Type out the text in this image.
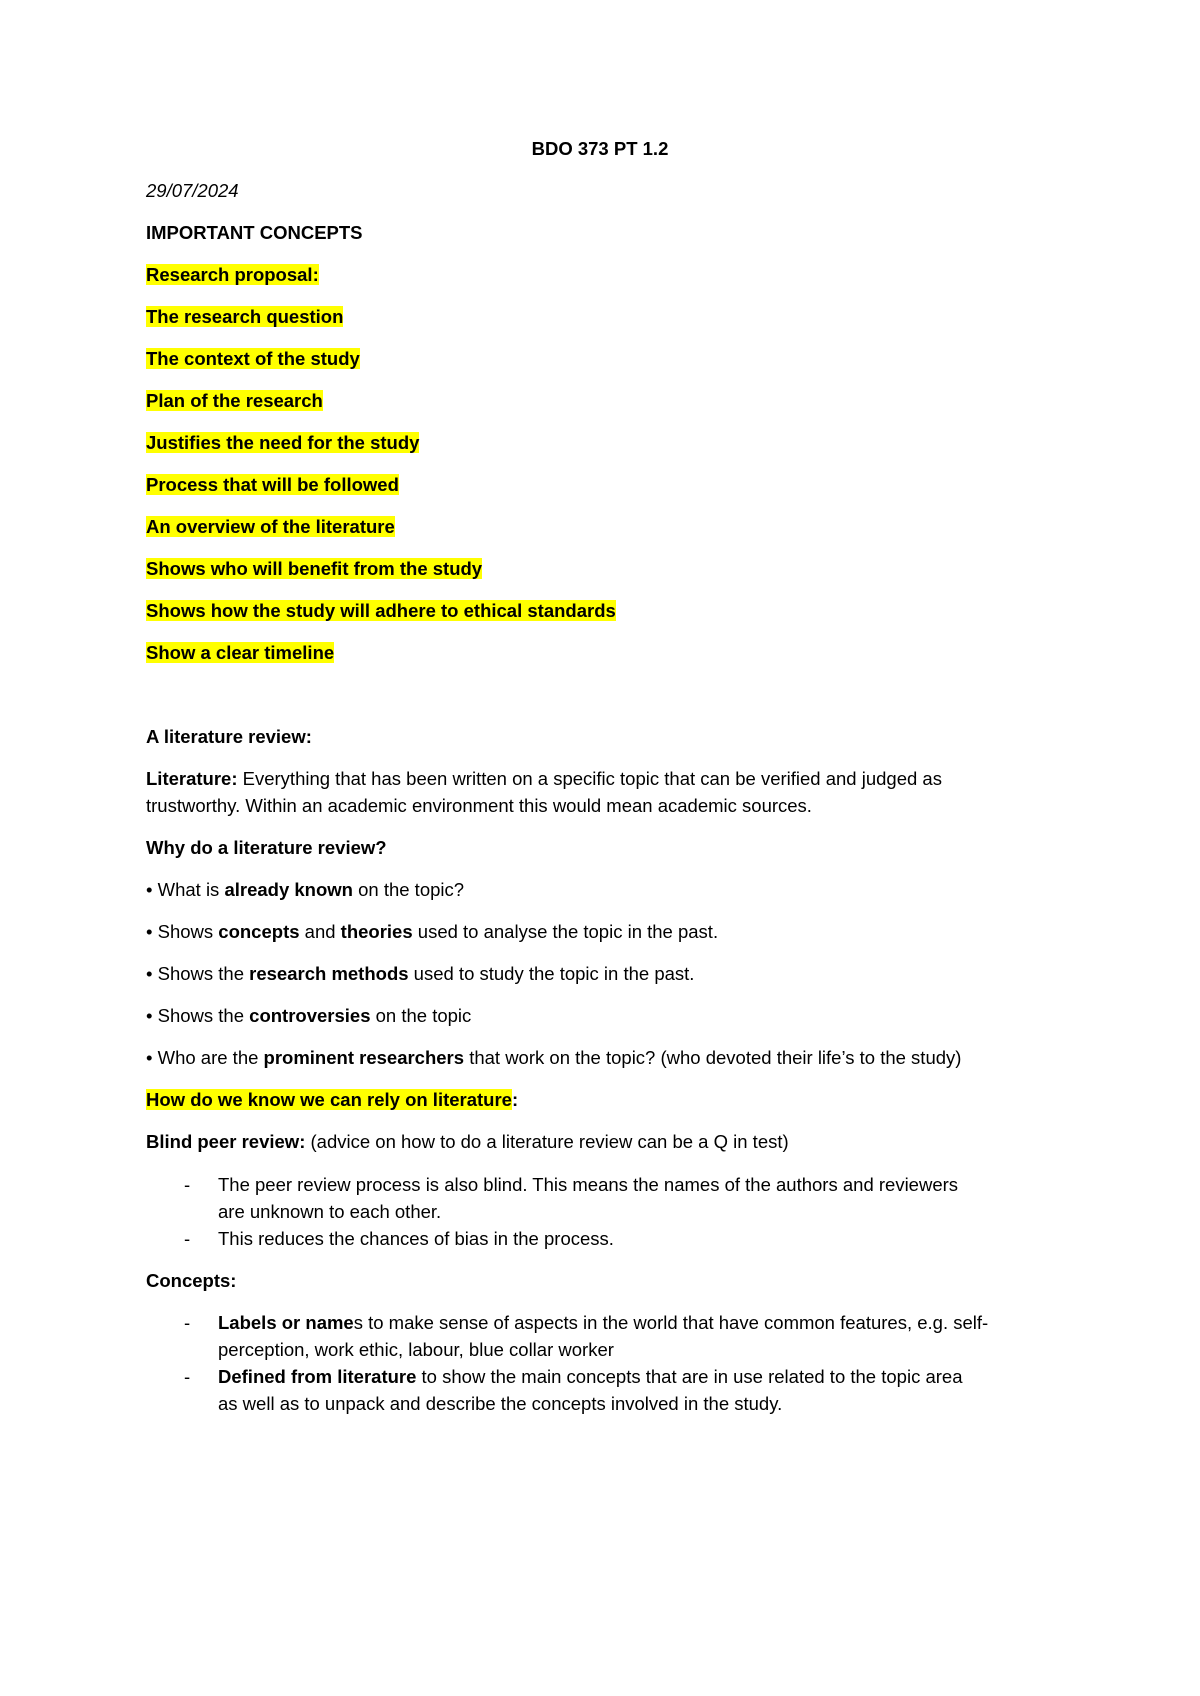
BDO 373 PT 1.2
29/07/2024
IMPORTANT CONCEPTS
Research proposal:
The research question
The context of the study
Plan of the research
Justifies the need for the study
Process that will be followed
An overview of the literature
Shows who will benefit from the study
Shows how the study will adhere to ethical standards
Show a clear timeline
A literature review:
Literature: Everything that has been written on a specific topic that can be verified and judged as
trustworthy. Within an academic environment this would mean academic sources.
Why do a literature review?
• What is already known on the topic?
• Shows concepts and theories used to analyse the topic in the past.
• Shows the research methods used to study the topic in the past.
• Shows the controversies on the topic
• Who are the prominent researchers that work on the topic? (who devoted their life’s to the study)
How do we know we can rely on literature:
Blind peer review: (advice on how to do a literature review can be a Q in test)
- The peer review process is also blind. This means the names of the authors and reviewers
are unknown to each other.
- This reduces the chances of bias in the process.
Concepts:
- Labels or names to make sense of aspects in the world that have common features, e.g. self-
perception, work ethic, labour, blue collar worker
- Defined from literature to show the main concepts that are in use related to the topic area
as well as to unpack and describe the concepts involved in the study.
